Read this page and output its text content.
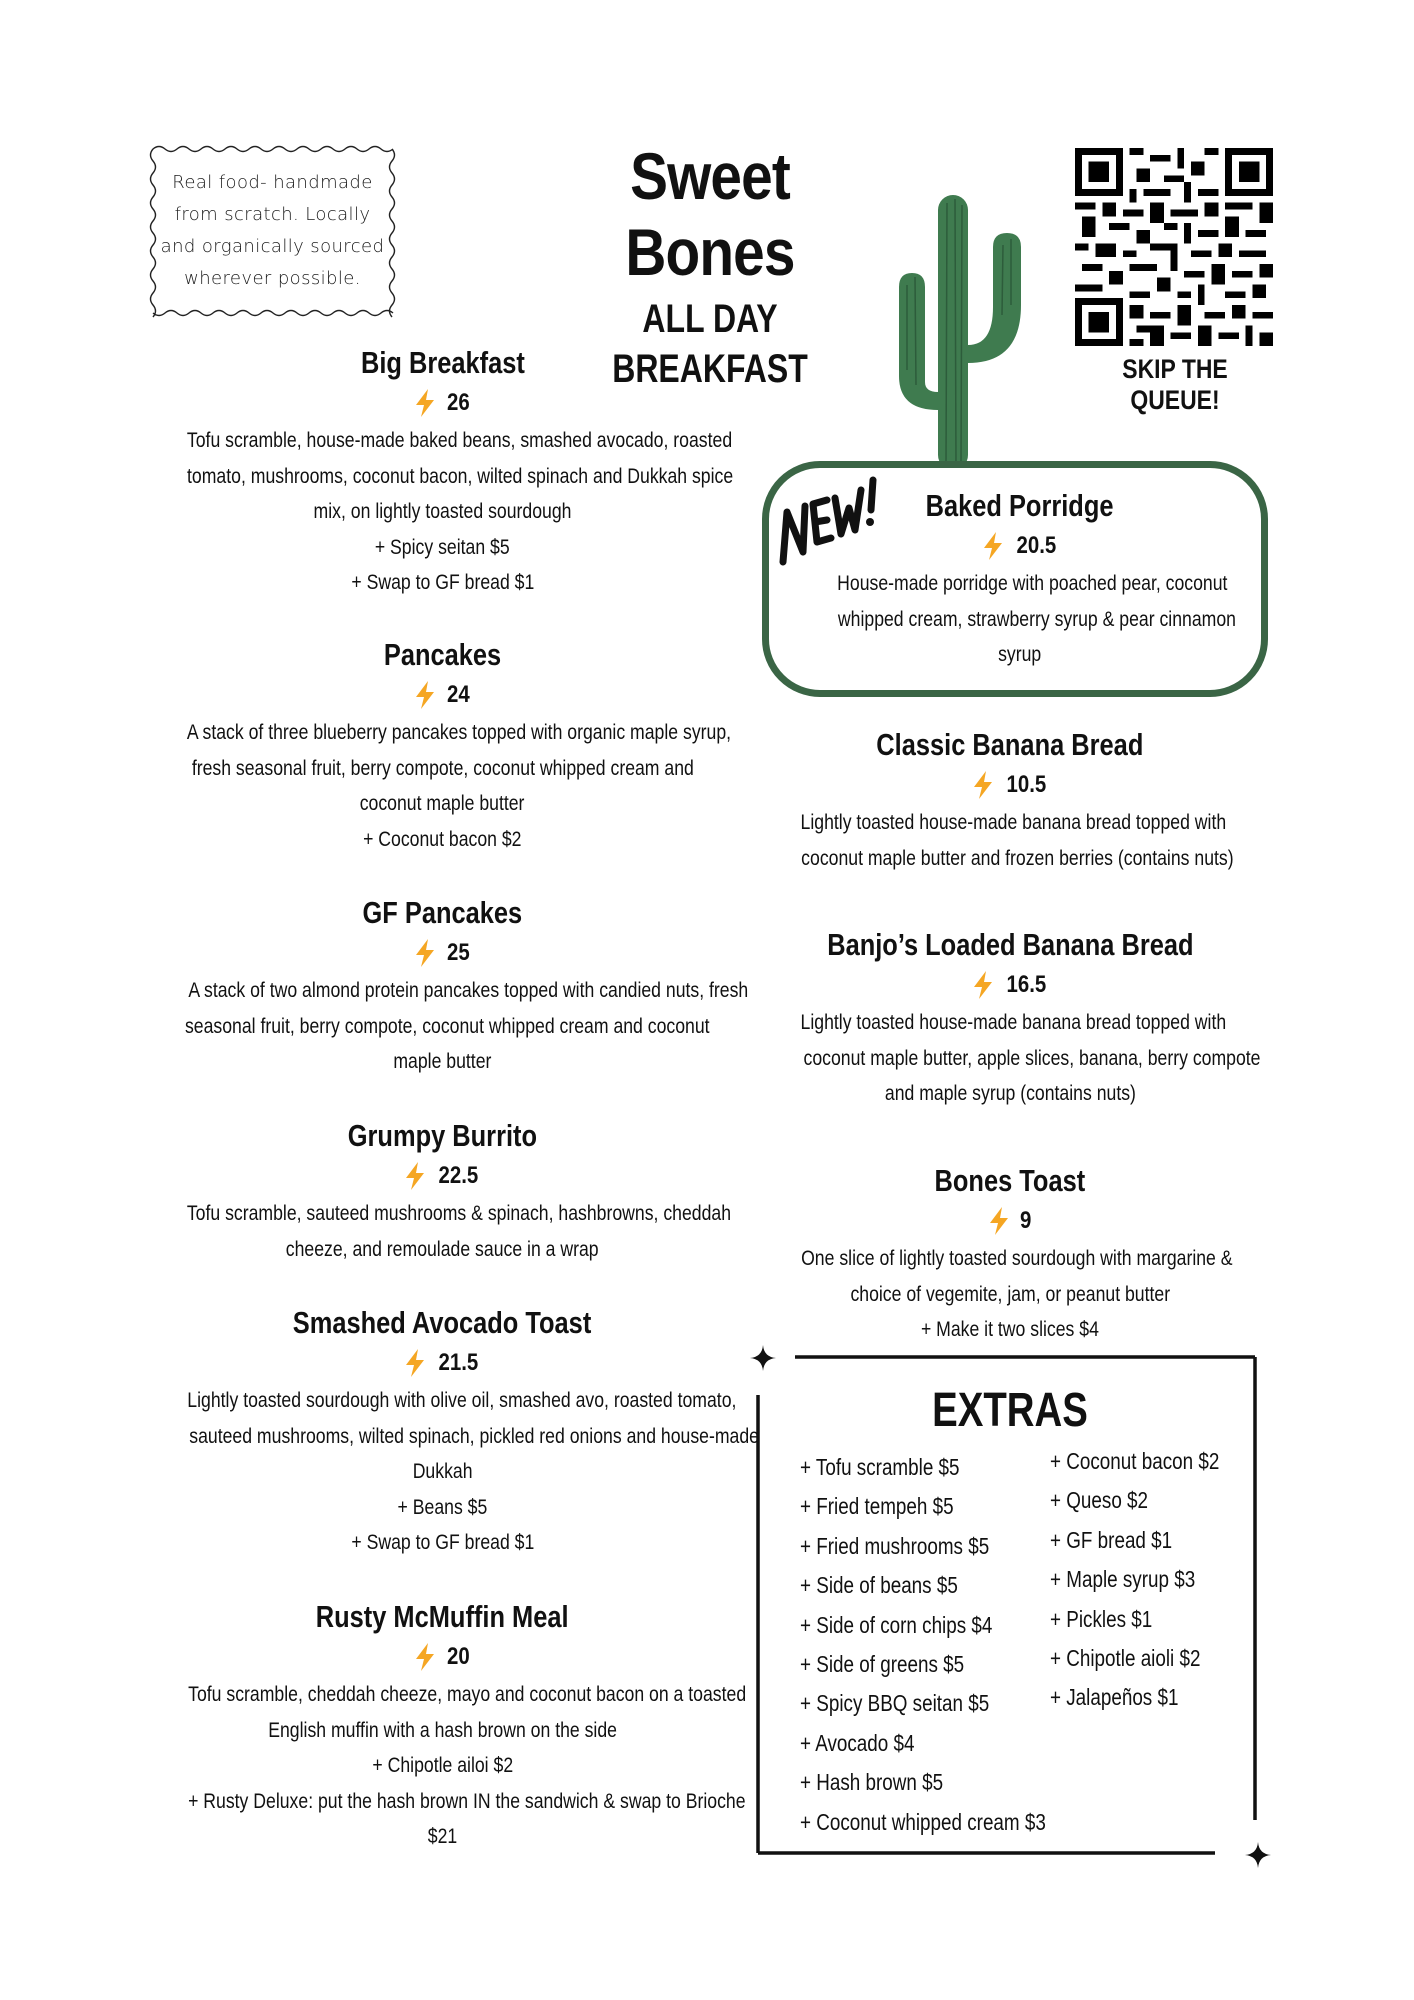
Real food- handmade
from scratch. Locally
and organically sourced
wherever possible.
Sweet Bones
ALL DAY BREAKFAST	SKIP THE QUEUE!
Big Breakfast
26
Tofu scramble, house-made baked beans, smashed avocado, roasted
tomato, mushrooms, coconut bacon, wilted spinach and Dukkah spice
mix, on lightly toasted sourdough
+ Spicy seitan $5
+ Swap to GF bread $1
Pancakes
24
A stack of three blueberry pancakes topped with organic maple syrup,
fresh seasonal fruit, berry compote, coconut whipped cream and
coconut maple butter
+ Coconut bacon $2
GF Pancakes
25
A stack of two almond protein pancakes topped with candied nuts, fresh
seasonal fruit, berry compote, coconut whipped cream and coconut
maple butter
Grumpy Burrito
22.5
Tofu scramble, sauteed mushrooms & spinach, hashbrowns, cheddah
cheeze, and remoulade sauce in a wrap
Smashed Avocado Toast
21.5
Lightly toasted sourdough with olive oil, smashed avo, roasted tomato,
sauteed mushrooms, wilted spinach, pickled red onions and house-made
Dukkah
+ Beans $5
+ Swap to GF bread $1
Rusty McMuffin Meal
20
Tofu scramble, cheddah cheeze, mayo and coconut bacon on a toasted
English muffin with a hash brown on the side
+ Chipotle ailoi $2
+ Rusty Deluxe: put the hash brown IN the sandwich & swap to Brioche
$21
Baked Porridge
20.5
House-made porridge with poached pear, coconut
whipped cream, strawberry syrup & pear cinnamon
syrup
Classic Banana Bread
10.5
Lightly toasted house-made banana bread topped with
coconut maple butter and frozen berries (contains nuts)
Banjo’s Loaded Banana Bread
16.5
Lightly toasted house-made banana bread topped with
coconut maple butter, apple slices, banana, berry compote
and maple syrup (contains nuts)
Bones Toast
9
One slice of lightly toasted sourdough with margarine &
choice of vegemite, jam, or peanut butter
+ Make it two slices $4
EXTRAS
+ Tofu scramble $5
+ Fried tempeh $5
+ Fried mushrooms $5
+ Side of beans $5
+ Side of corn chips $4
+ Side of greens $5
+ Spicy BBQ seitan $5
+ Avocado $4
+ Hash brown $5
+ Coconut whipped cream $3
+ Coconut bacon $2
+ Queso $2
+ GF bread $1
+ Maple syrup $3
+ Pickles $1
+ Chipotle aioli $2
+ Jalapeños $1
